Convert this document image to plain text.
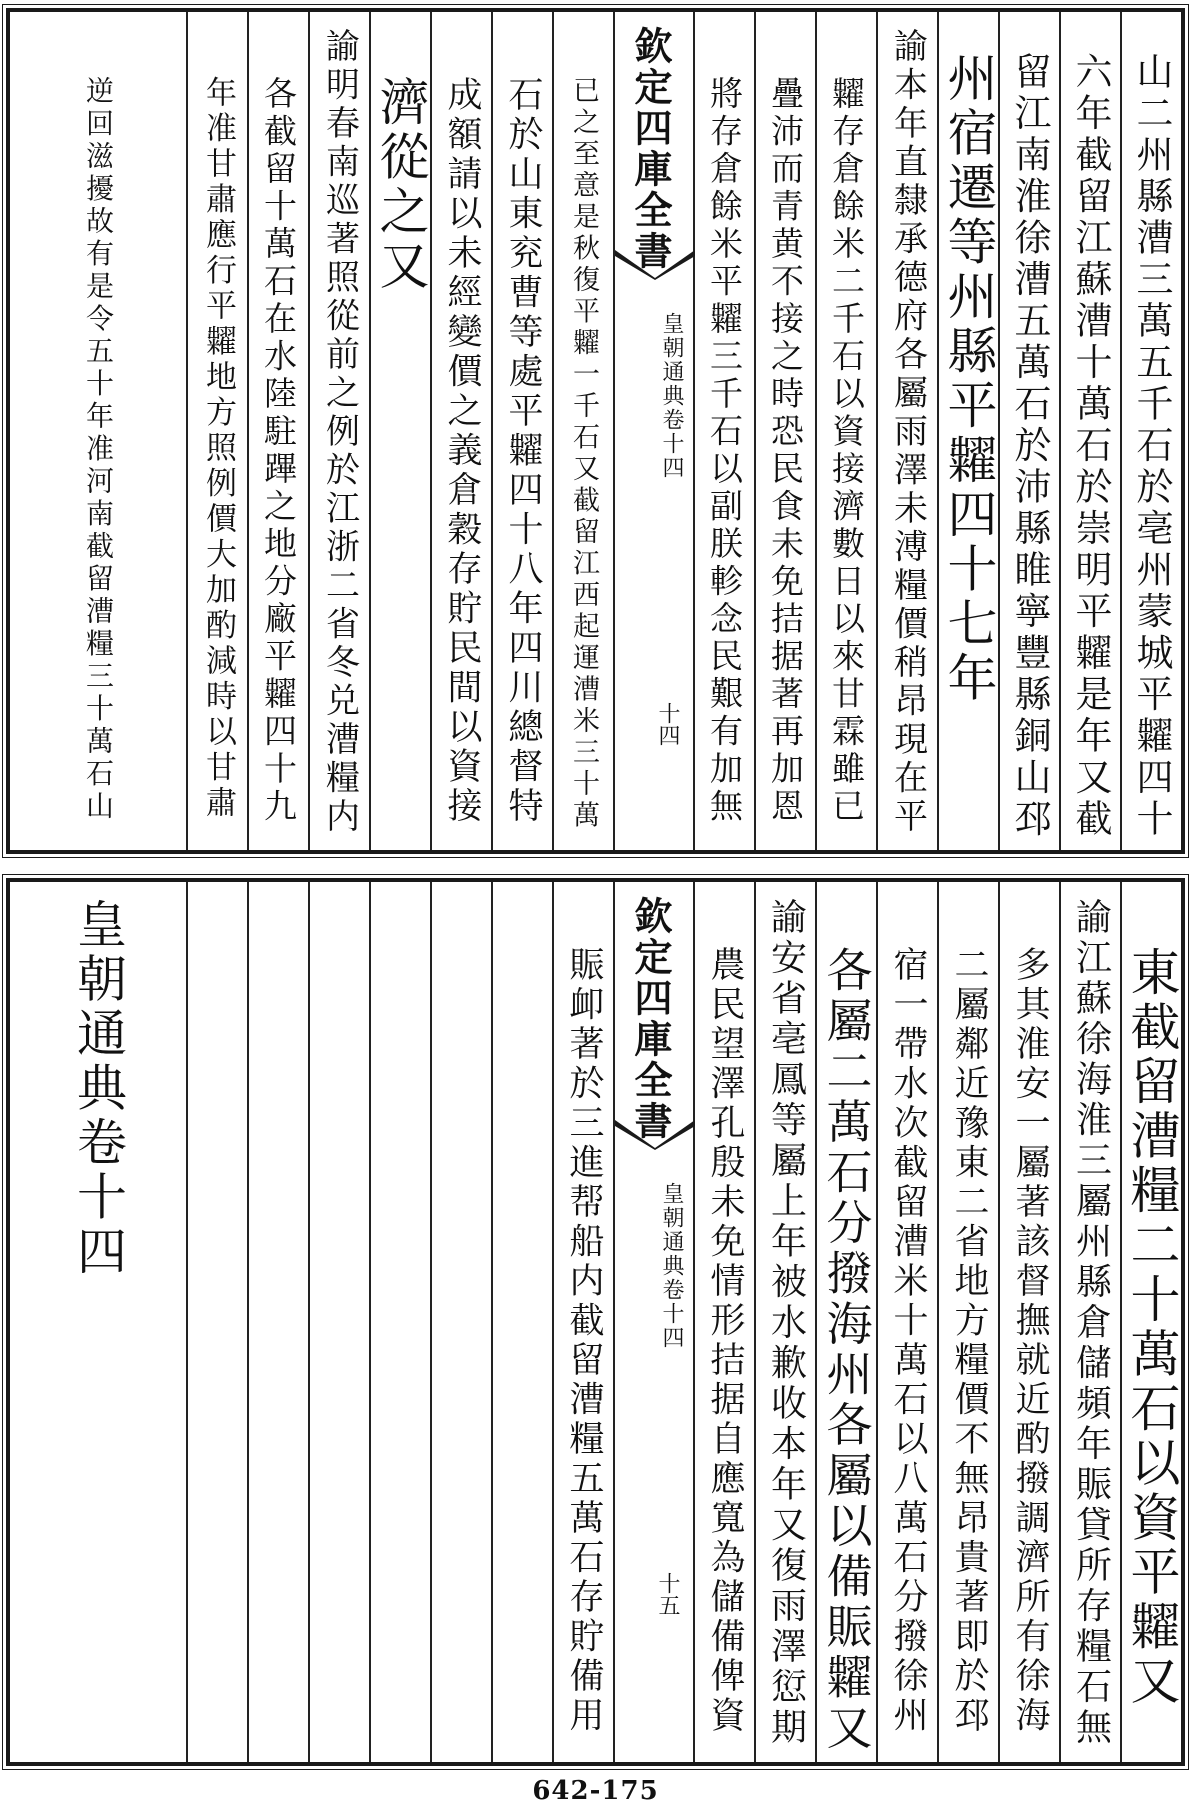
山二州縣漕三萬五千石於亳州蒙城平糶四十
六年截留江蘇漕十萬石於崇明平糶是年又截
留江南淮徐漕五萬石於沛縣睢寧豐縣銅山邳
州宿遷等州縣平糶四十七年
諭本年直隸承德府各屬雨澤未溥糧價稍昂現在平
糶存倉餘米二千石以資接濟數日以來甘霖雖已
疊沛而青黄不接之時恐民食未免拮据著再加恩
將存倉餘米平糶三千石以副朕軫念民艱有加無
欽定四庫全書
皇朝通典卷十四
十四
已之至意是秋復平糶一千石又截留江西起運漕米三十萬
石於山東兖曹等處平糶四十八年四川總督特
成額請以未經變價之義倉穀存貯民間以資接
濟從之又
諭明春南巡著照從前之例於江浙二省冬兑漕糧内
各截留十萬石在水陸駐蹕之地分廠平糶四十九
年准甘肅應行平糶地方照例價大加酌減時以甘肅
逆回滋擾故有是令五十年准河南截留漕糧三十萬石山
東截留漕糧二十萬石以資平糶又
諭江蘇徐海淮三屬州縣倉儲頻年賑貸所存糧石無
多其淮安一屬著該督撫就近酌撥調濟所有徐海
二屬鄰近豫東二省地方糧價不無昂貴著即於邳
宿一帶水次截留漕米十萬石以八萬石分撥徐州
各屬二萬石分撥海州各屬以備賑糶又
諭安省亳鳳等屬上年被水歉收本年又復雨澤愆期
農民望澤孔殷未免情形拮据自應寬為儲備俾資
欽定四庫全書
皇朝通典卷十四
十五
賑卹著於三進帮船内截留漕糧五萬石存貯備用
皇朝通典卷十四
642-175
